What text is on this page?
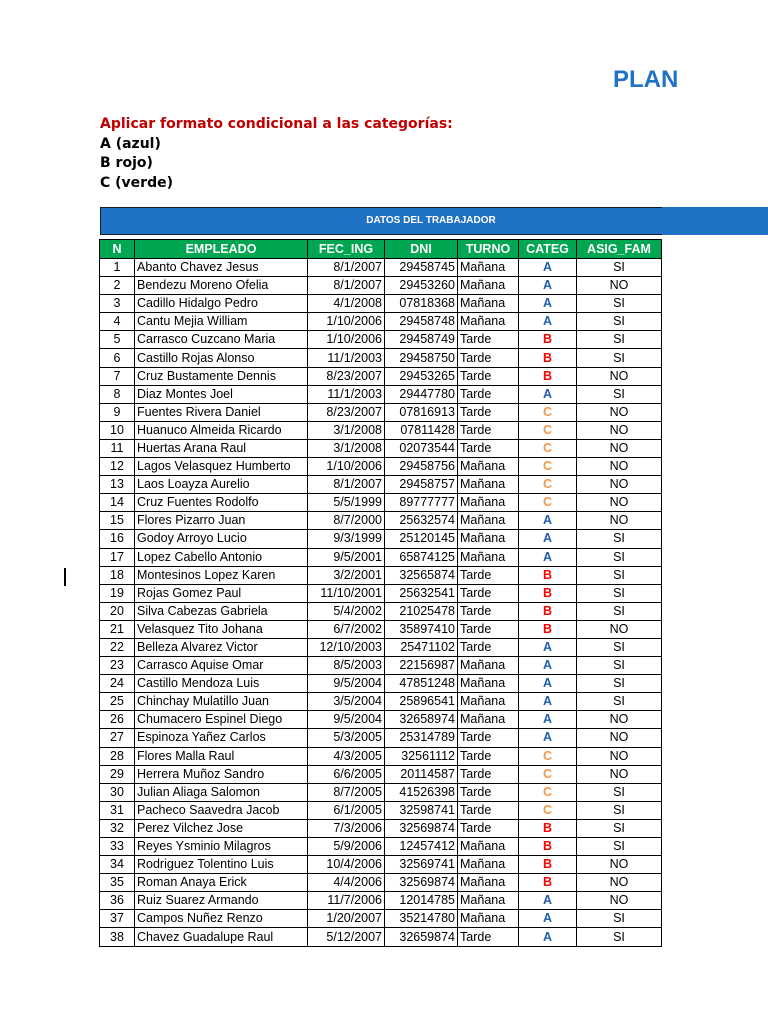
PLAN
Aplicar formato condicional a las categorías:
A (azul)
B rojo)
C (verde)
DATOS DEL TRABAJADOR
N	EMPLEADO	FEC_ING	DNI	TURNO	CATEG	ASIG_FAM
1	Abanto Chavez Jesus	8/1/2007	29458745	Mañana	A	SI
2	Bendezu Moreno Ofelia	8/1/2007	29453260	Mañana	A	NO
3	Cadillo Hidalgo Pedro	4/1/2008	07818368	Mañana	A	SI
4	Cantu Mejia William	1/10/2006	29458748	Mañana	A	SI
5	Carrasco Cuzcano Maria	1/10/2006	29458749	Tarde	B	SI
6	Castillo Rojas Alonso	11/1/2003	29458750	Tarde	B	SI
7	Cruz Bustamente Dennis	8/23/2007	29453265	Tarde	B	NO
8	Diaz Montes Joel	11/1/2003	29447780	Tarde	A	SI
9	Fuentes Rivera Daniel	8/23/2007	07816913	Tarde	C	NO
10	Huanuco Almeida Ricardo	3/1/2008	07811428	Tarde	C	NO
11	Huertas Arana Raul	3/1/2008	02073544	Tarde	C	NO
12	Lagos Velasquez Humberto	1/10/2006	29458756	Mañana	C	NO
13	Laos Loayza Aurelio	8/1/2007	29458757	Mañana	C	NO
14	Cruz Fuentes Rodolfo	5/5/1999	89777777	Mañana	C	NO
15	Flores Pizarro Juan	8/7/2000	25632574	Mañana	A	NO
16	Godoy Arroyo Lucio	9/3/1999	25120145	Mañana	A	SI
17	Lopez Cabello Antonio	9/5/2001	65874125	Mañana	A	SI
18	Montesinos Lopez Karen	3/2/2001	32565874	Tarde	B	SI
19	Rojas Gomez Paul	11/10/2001	25632541	Tarde	B	SI
20	Silva Cabezas Gabriela	5/4/2002	21025478	Tarde	B	SI
21	Velasquez Tito Johana	6/7/2002	35897410	Tarde	B	NO
22	Belleza Alvarez Victor	12/10/2003	25471102	Tarde	A	SI
23	Carrasco Aquise Omar	8/5/2003	22156987	Mañana	A	SI
24	Castillo Mendoza Luis	9/5/2004	47851248	Mañana	A	SI
25	Chinchay Mulatillo Juan	3/5/2004	25896541	Mañana	A	SI
26	Chumacero Espinel Diego	9/5/2004	32658974	Mañana	A	NO
27	Espinoza Yañez Carlos	5/3/2005	25314789	Tarde	A	NO
28	Flores Malla Raul	4/3/2005	32561112	Tarde	C	NO
29	Herrera Muñoz Sandro	6/6/2005	20114587	Tarde	C	NO
30	Julian Aliaga Salomon	8/7/2005	41526398	Tarde	C	SI
31	Pacheco Saavedra Jacob	6/1/2005	32598741	Tarde	C	SI
32	Perez Vilchez Jose	7/3/2006	32569874	Tarde	B	SI
33	Reyes Ysminio Milagros	5/9/2006	12457412	Mañana	B	SI
34	Rodriguez Tolentino Luis	10/4/2006	32569741	Mañana	B	NO
35	Roman Anaya Erick	4/4/2006	32569874	Mañana	B	NO
36	Ruiz Suarez Armando	11/7/2006	12014785	Mañana	A	NO
37	Campos Nuñez Renzo	1/20/2007	35214780	Mañana	A	SI
38	Chavez Guadalupe Raul	5/12/2007	32659874	Tarde	A	SI
